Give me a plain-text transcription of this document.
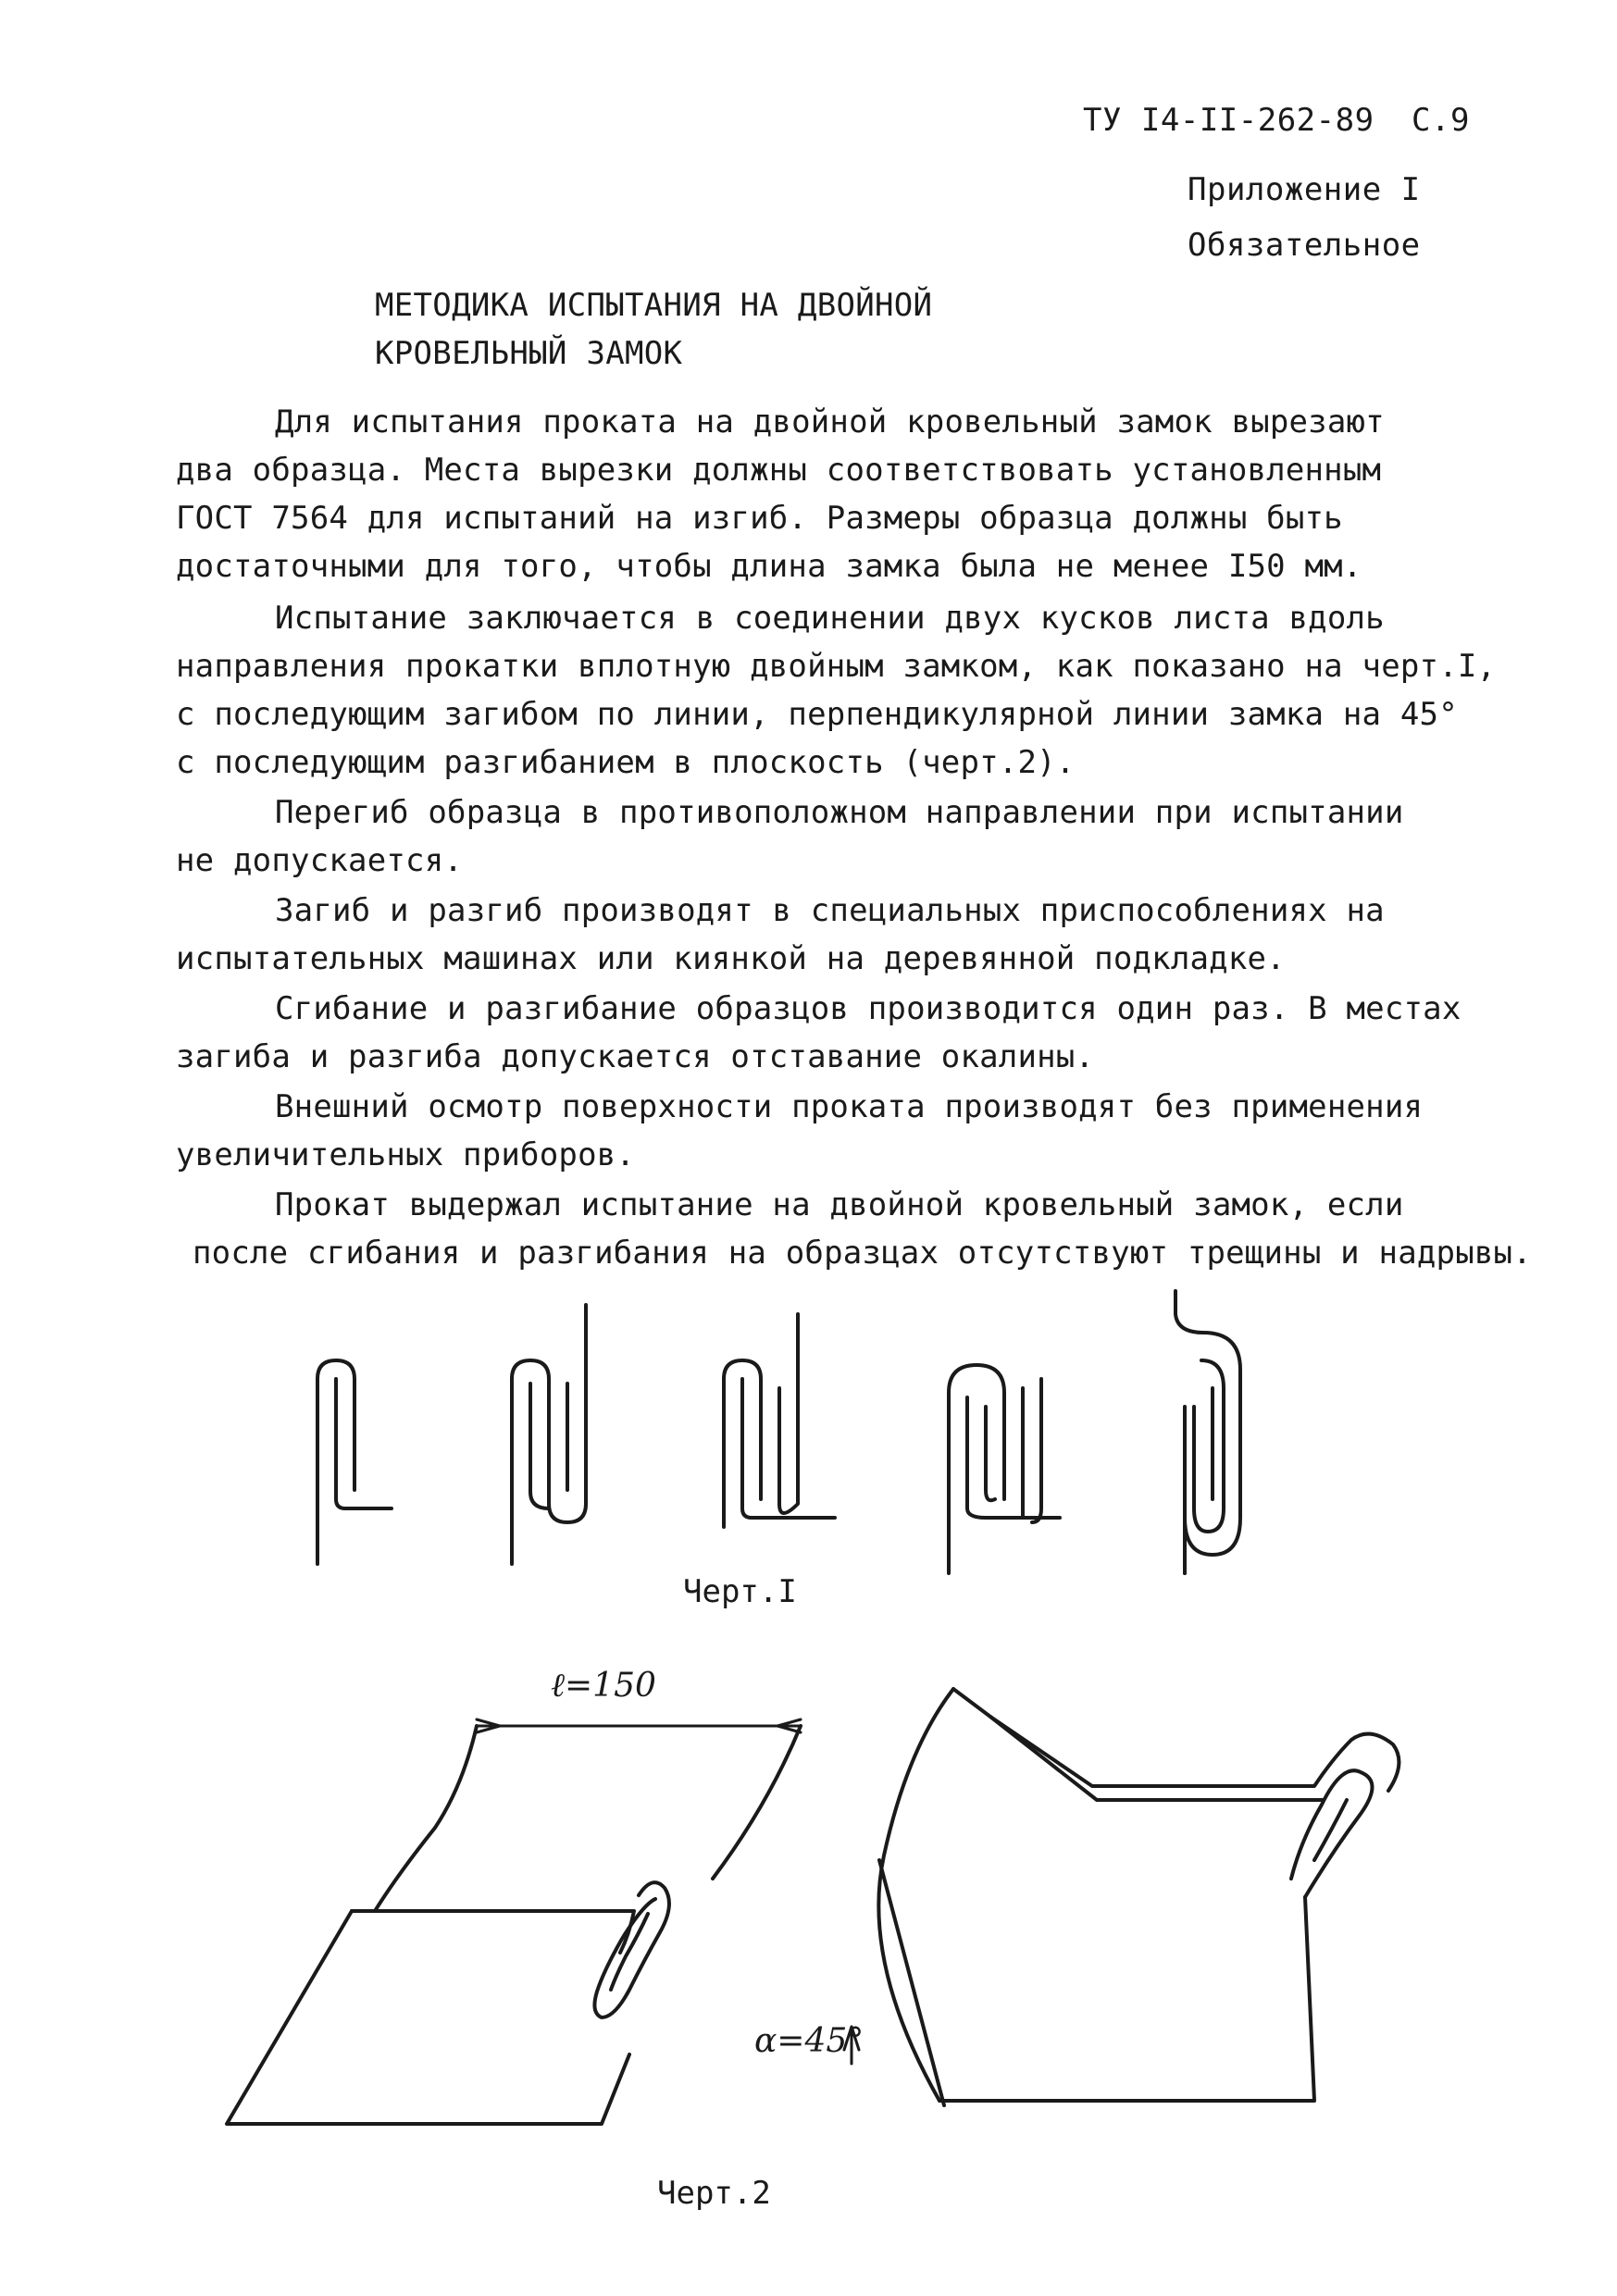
ТУ I4-II-262-89 С.9
Приложение I
Обязательное
МЕТОДИКА ИСПЫТАНИЯ НА ДВОЙНОЙ
КРОВЕЛЬНЫЙ ЗАМОК
Для испытания проката на двойной кровельный замок вырезают
два образца. Места вырезки должны соответствовать установленным
ГОСТ 7564 для испытаний на изгиб. Размеры образца должны быть
достаточными для того, чтобы длина замка была не менее I50 мм.
Испытание заключается в соединении двух кусков листа вдоль
направления прокатки вплотную двойным замком, как показано на черт.I,
с последующим загибом по линии, перпендикулярной линии замка на 45°
с последующим разгибанием в плоскость (черт.2).
Перегиб образца в противоположном направлении при испытании
не допускается.
Загиб и разгиб производят в специальных приспособлениях на
испытательных машинах или киянкой на деревянной подкладке.
Сгибание и разгибание образцов производится один раз. В местах
загиба и разгиба допускается отставание окалины.
Внешний осмотр поверхности проката производят без применения
увеличительных приборов.
Прокат выдержал испытание на двойной кровельный замок, если
после сгибания и разгибания на образцах отсутствуют трещины и надрывы.
Черт.I
ℓ=150
α=45°
Черт.2
